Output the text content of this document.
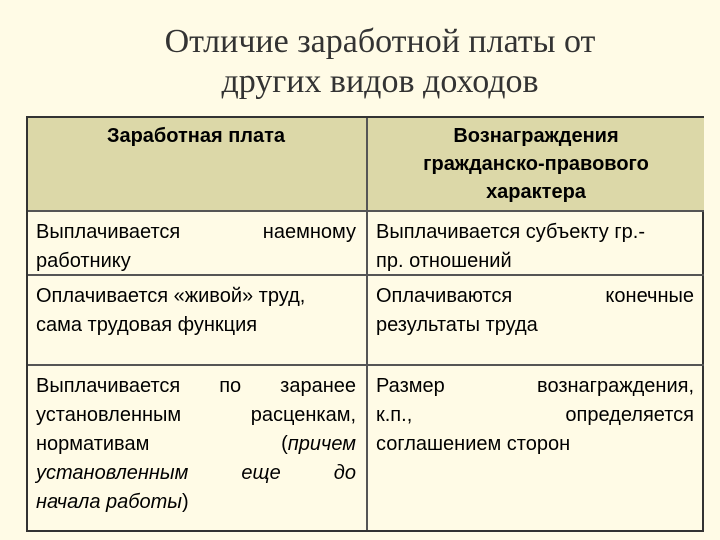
Отличие заработной платы от
других видов доходов
Заработная плата	Вознаграждения гражданско-правового характера
Выплачивается наемному
работнику
Выплачивается субъекту гр.-
пр. отношений
Оплачивается «живой» труд,
сама трудовая функция
Оплачиваются конечные
результаты труда
Выплачивается по заранее
установленным расценкам,
нормативам	(причем
установленным еще до
начала работы)
Размер вознаграждения,
к.п., определяется
соглашением сторон
